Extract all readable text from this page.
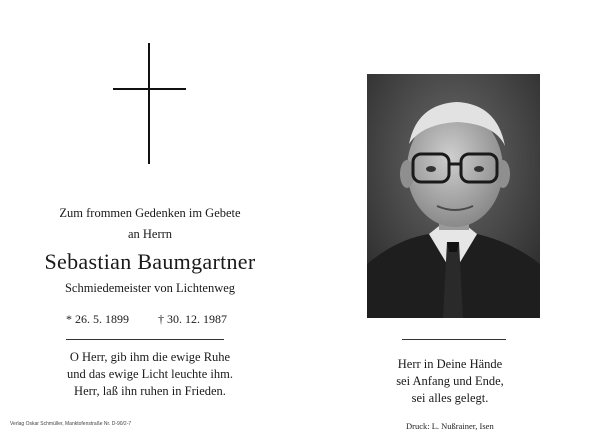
Zum frommen Gedenken im Gebete
an Herrn
Sebastian Baumgartner
Schmiedemeister von Lichtenweg
* 26. 5. 1899 † 30. 12. 1987
O Herr, gib ihm die ewige Ruhe
und das ewige Licht leuchte ihm.
Herr, laß ihn ruhen in Frieden.
Verlag Oskar Schmüller, Manktofenstraße Nr. D-90/2-7
Herr in Deine Hände
sei Anfang und Ende,
sei alles gelegt.
Druck: L. Nußrainer, Isen
